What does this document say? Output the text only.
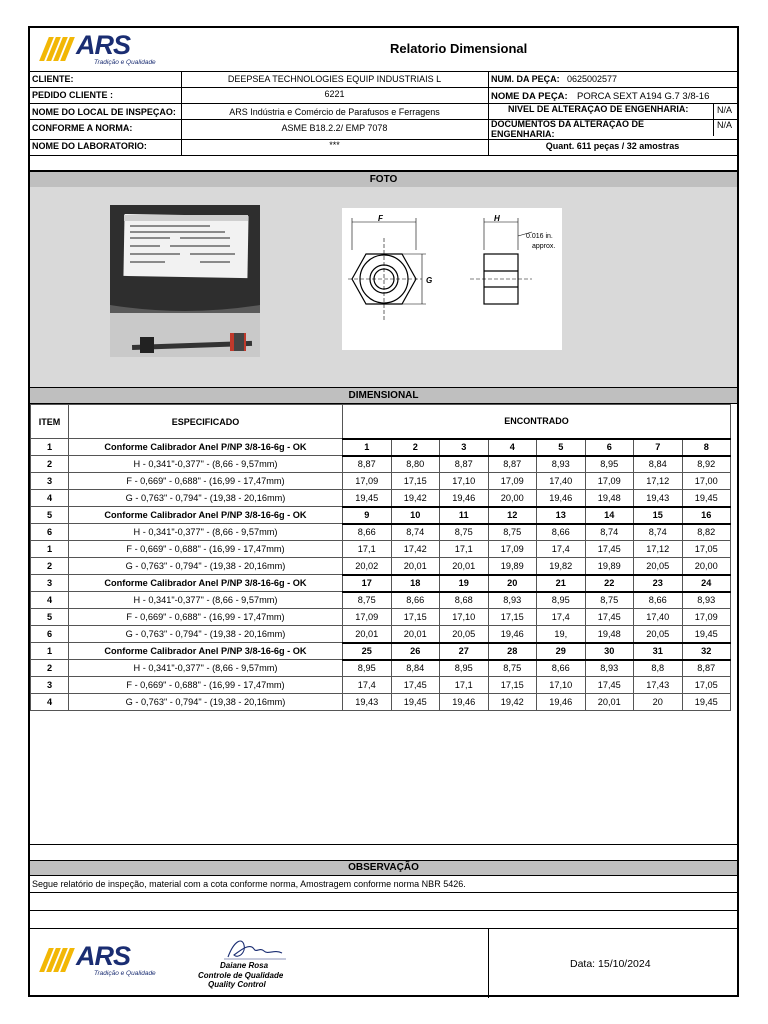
ARS
Tradição e Qualidade
Relatorio Dimensional
CLIENTE:	DEEPSEA TECHNOLOGIES EQUIP INDUSTRIAIS L	NÚM. DA PEÇA: 0625002577
PEDIDO CLIENTE :	6221	NOME DA PEÇA: PORCA SEXT A194 G.7 3/8-16
NOME DO LOCAL DE INSPEÇÃO:	ARS Indústria e Comércio de Parafusos e Ferragens	NÍVEL DE ALTERAÇÃO DE ENGENHARIA:	N/A
CONFORME A NORMA:	ASME B18.2.2/ EMP 7078	DOCUMENTOS DA ALTERAÇÃO DE
ENGENHARIA:
N/A
NOME DO LABORATÓRIO:	***	Quant. 611 peças / 32 amostras
FOTO
F	H
G
0.016 in.
approx.
DIMENSIONAL
ITEM	ESPECIFICADO	ENCONTRADO							
1	Conforme Calibrador Anel P/NP 3/8-16-6g - OK	1	2	3	4	5	6	7	8
2	H - 0,341"-0,377" - (8,66 - 9,57mm)	8,87	8,80	8,87	8,87	8,93	8,95	8,84	8,92
3	F - 0,669" - 0,688" - (16,99 - 17,47mm)	17,09	17,15	17,10	17,09	17,40	17,09	17,12	17,00
4	G - 0,763" - 0,794" - (19,38 - 20,16mm)	19,45	19,42	19,46	20,00	19,46	19,48	19,43	19,45
5	Conforme Calibrador Anel P/NP 3/8-16-6g - OK	9	10	11	12	13	14	15	16
6	H - 0,341"-0,377" - (8,66 - 9,57mm)	8,66	8,74	8,75	8,75	8,66	8,74	8,74	8,82
1	F - 0,669" - 0,688" - (16,99 - 17,47mm)	17,1	17,42	17,1	17,09	17,4	17,45	17,12	17,05
2	G - 0,763" - 0,794" - (19,38 - 20,16mm)	20,02	20,01	20,01	19,89	19,82	19,89	20,05	20,00
3	Conforme Calibrador Anel P/NP 3/8-16-6g - OK	17	18	19	20	21	22	23	24
4	H - 0,341"-0,377" - (8,66 - 9,57mm)	8,75	8,66	8,68	8,93	8,95	8,75	8,66	8,93
5	F - 0,669" - 0,688" - (16,99 - 17,47mm)	17,09	17,15	17,10	17,15	17,4	17,45	17,40	17,09
6	G - 0,763" - 0,794" - (19,38 - 20,16mm)	20,01	20,01	20,05	19,46	19,	19,48	20,05	19,45
1	Conforme Calibrador Anel P/NP 3/8-16-6g - OK	25	26	27	28	29	30	31	32
2	H - 0,341"-0,377" - (8,66 - 9,57mm)	8,95	8,84	8,95	8,75	8,66	8,93	8,8	8,87
3	F - 0,669" - 0,688" - (16,99 - 17,47mm)	17,4	17,45	17,1	17,15	17,10	17,45	17,43	17,05
4	G - 0,763" - 0,794" - (19,38 - 20,16mm)	19,43	19,45	19,46	19,42	19,46	20,01	20	19,45
OBSERVAÇÃO
Segue relatório de inspeção, material com a cota conforme norma, Amostragem conforme norma NBR 5426.
ARS
Tradição e Qualidade
Daiane Rosa
Controle de Qualidade
Quality Control
Data: 15/10/2024
